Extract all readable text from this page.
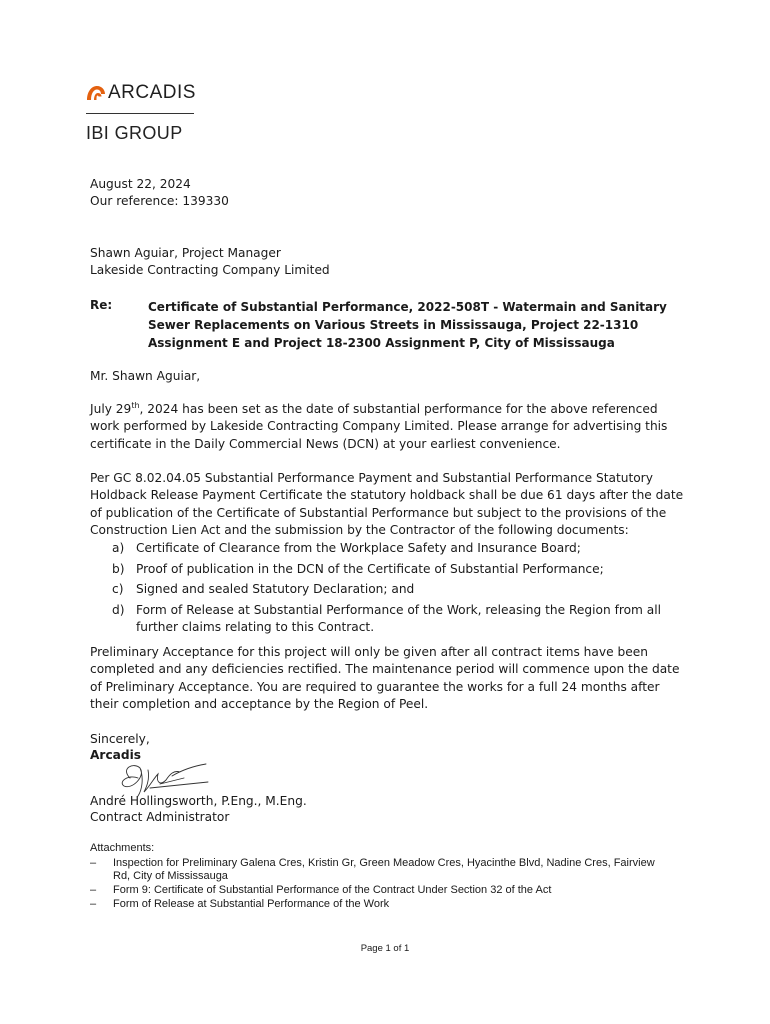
ARCADIS
IBI GROUP
August 22, 2024
Our reference: 139330
Shawn Aguiar, Project Manager
Lakeside Contracting Company Limited
Re:	Certificate of Substantial Performance, 2022-508T - Watermain and Sanitary Sewer Replacements on Various Streets in Mississauga, Project 22-1310 Assignment E and Project 18-2300 Assignment P, City of Mississauga
Mr. Shawn Aguiar,
July 29th, 2024 has been set as the date of substantial performance for the above referenced work performed by Lakeside Contracting Company Limited. Please arrange for advertising this certificate in the Daily Commercial News (DCN) at your earliest convenience.
Per GC 8.02.04.05 Substantial Performance Payment and Substantial Performance Statutory Holdback Release Payment Certificate the statutory holdback shall be due 61 days after the date of publication of the Certificate of Substantial Performance but subject to the provisions of the Construction Lien Act and the submission by the Contractor of the following documents:
a) Certificate of Clearance from the Workplace Safety and Insurance Board;
b) Proof of publication in the DCN of the Certificate of Substantial Performance;
c) Signed and sealed Statutory Declaration; and
d) Form of Release at Substantial Performance of the Work, releasing the Region from all further claims relating to this Contract.
Preliminary Acceptance for this project will only be given after all contract items have been completed and any deficiencies rectified. The maintenance period will commence upon the date of Preliminary Acceptance. You are required to guarantee the works for a full 24 months after their completion and acceptance by the Region of Peel.
Sincerely,
Arcadis
André Hollingsworth, P.Eng., M.Eng.
Contract Administrator
Attachments:
–	Inspection for Preliminary Galena Cres, Kristin Gr, Green Meadow Cres, Hyacinthe Blvd, Nadine Cres, Fairview Rd, City of Mississauga
–	Form 9: Certificate of Substantial Performance of the Contract Under Section 32 of the Act
–	Form of Release at Substantial Performance of the Work
Page 1 of 1
